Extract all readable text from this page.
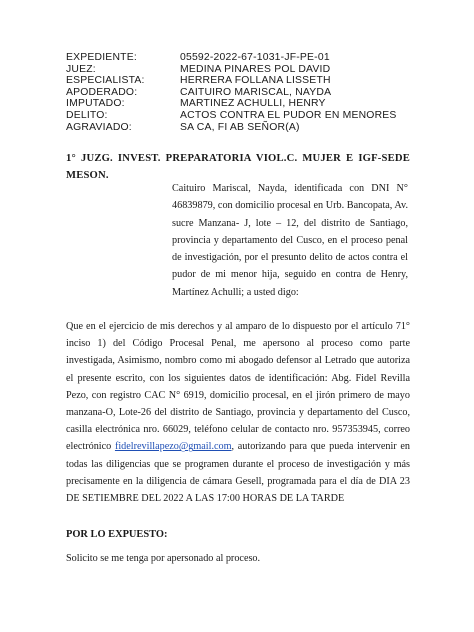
EXPEDIENTE:	05592-2022-67-1031-JF-PE-01
JUEZ:	MEDINA PINARES POL DAVID
ESPECIALISTA:	HERRERA FOLLANA LISSETH
APODERADO:	CAITUIRO MARISCAL, NAYDA
IMPUTADO:	MARTINEZ ACHULLI, HENRY
DELITO:	ACTOS CONTRA EL PUDOR EN MENORES
AGRAVIADO:	SA CA, FI AB SEÑOR(A)
1° JUZG. INVEST. PREPARATORIA VIOL.C. MUJER E IGF-SEDE MESON.
Caituiro Mariscal, Nayda, identificada con DNI N° 46839879, con domicilio procesal en Urb. Bancopata, Av. sucre Manzana- J, lote – 12, del distrito de Santiago, provincia y departamento del Cusco, en el proceso penal de investigación, por el presunto delito de actos contra el pudor de mi menor hija, seguido en contra de Henry, Martínez Achulli; a usted digo:
Que en el ejercicio de mis derechos y al amparo de lo dispuesto por el artículo 71° inciso 1) del Código Procesal Penal, me apersono al proceso como parte investigada, Asimismo, nombro como mi abogado defensor al Letrado que autoriza el presente escrito, con los siguientes datos de identificación: Abg. Fidel Revilla Pezo, con registro CAC N° 6919, domicilio procesal, en el jirón primero de mayo manzana-O, Lote-26 del distrito de Santiago, provincia y departamento del Cusco, casilla electrónica nro. 66029, teléfono celular de contacto nro. 957353945, correo electrónico fidelrevillapezo@gmail.com, autorizando para que pueda intervenir en todas las diligencias que se programen durante el proceso de investigación y más precisamente en la diligencia de cámara Gesell, programada para el día de DIA 23 DE SETIEMBRE DEL 2022 A LAS 17:00 HORAS DE LA TARDE
POR LO EXPUESTO:
Solicito se me tenga por apersonado al proceso.
